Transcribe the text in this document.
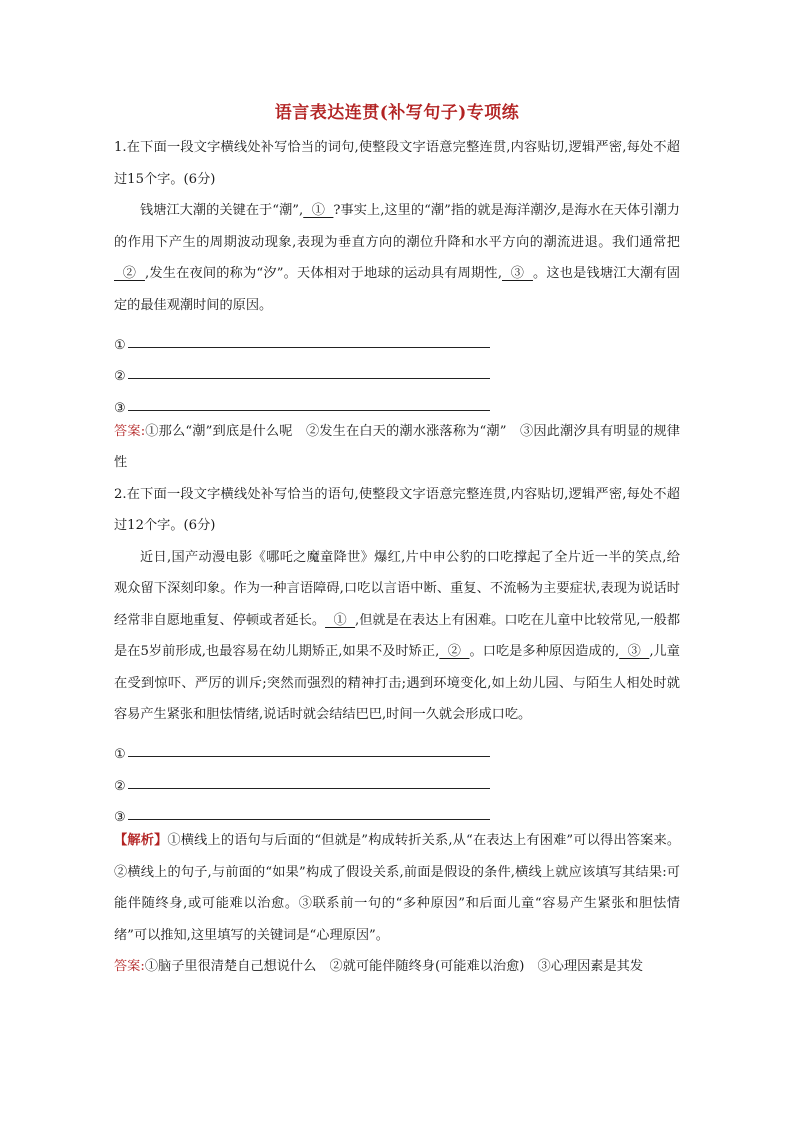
语言表达连贯(补写句子)专项练

1.在下面一段文字横线处补写恰当的词句,使整段文字语意完整连贯,内容贴切,逻辑严密,每处不超过15个字。(6分)

钱塘江大潮的关键在于“潮”,  ①  ?事实上,这里的“潮”指的就是海洋潮汐,是海水在天体引潮力的作用下产生的周期波动现象,表现为垂直方向的潮位升降和水平方向的潮流进退。我们通常把  ②  ,发生在夜间的称为“汐”。天体相对于地球的运动具有周期性,  ③  。这也是钱塘江大潮有固定的最佳观潮时间的原因。

①
②
③

答案:①那么“潮”到底是什么呢　②发生在白天的潮水涨落称为“潮”　③因此潮汐具有明显的规律性

2.在下面一段文字横线处补写恰当的语句,使整段文字语意完整连贯,内容贴切,逻辑严密,每处不超过12个字。(6分)

近日,国产动漫电影《哪吒之魔童降世》爆红,片中申公豹的口吃撑起了全片近一半的笑点,给观众留下深刻印象。作为一种言语障碍,口吃以言语中断、重复、不流畅为主要症状,表现为说话时经常非自愿地重复、停顿或者延长。  ①  ,但就是在表达上有困难。口吃在儿童中比较常见,一般都是在5岁前形成,也最容易在幼儿期矫正,如果不及时矫正,  ②  。口吃是多种原因造成的,  ③  ,儿童在受到惊吓、严厉的训斥;突然而强烈的精神打击;遇到环境变化,如上幼儿园、与陌生人相处时就容易产生紧张和胆怯情绪,说话时就会结结巴巴,时间一久就会形成口吃。

①
②
③

【解析】①横线上的语句与后面的“但就是”构成转折关系,从“在表达上有困难”可以得出答案来。②横线上的句子,与前面的“如果”构成了假设关系,前面是假设的条件,横线上就应该填写其结果:可能伴随终身,或可能难以治愈。③联系前一句的“多种原因”和后面儿童“容易产生紧张和胆怯情绪”可以推知,这里填写的关键词是“心理原因”。

答案:①脑子里很清楚自己想说什么　②就可能伴随终身(可能难以治愈)　③心理因素是其发
